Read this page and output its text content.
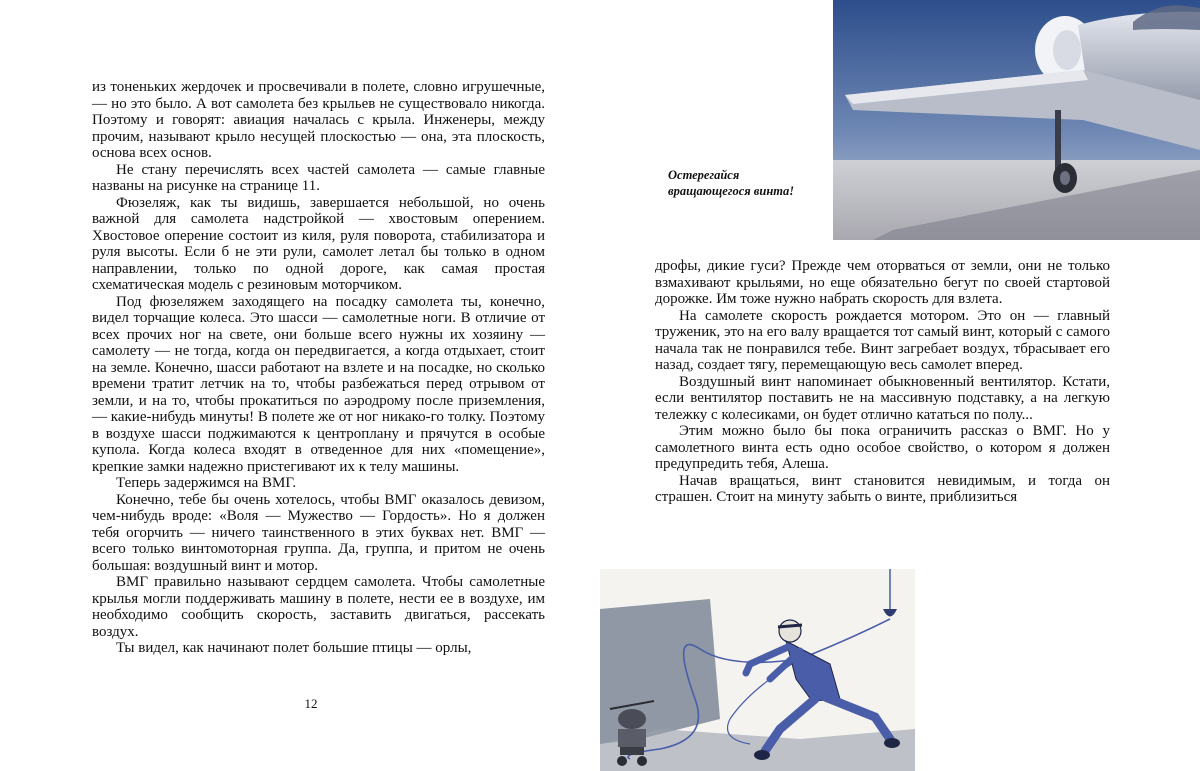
из тоненьких жердочек и просвечивали в полете, словно игрушечные, — но это было. А вот самолета без крыльев не существовало никогда. Поэтому и говорят: авиация началась с крыла. Инженеры, между прочим, называют крыло несущей плоскостью — она, эта плоскость, основа всех основ.

Не стану перечислять всех частей самолета — самые главные названы на рисунке на странице 11.

Фюзеляж, как ты видишь, завершается небольшой, но очень важной для самолета надстройкой — хвостовым оперением. Хвостовое оперение состоит из киля, руля поворота, стабилизатора и руля высоты. Если б не эти рули, самолет летал бы только в одном направлении, только по одной дороге, как самая простая схематическая модель с резиновым моторчиком.

Под фюзеляжем заходящего на посадку самолета ты, конечно, видел торчащие колеса. Это шасси — самолетные ноги. В отличие от всех прочих ног на свете, они больше всего нужны их хозяину — самолету — не тогда, когда он передвигается, а когда отдыхает, стоит на земле. Конечно, шасси работают на взлете и на посадке, но сколько времени тратит летчик на то, чтобы разбежаться перед отрывом от земли, и на то, чтобы прокатиться по аэродрому после приземления, — какие-нибудь минуты! В полете же от ног никако-го толку. Поэтому в воздухе шасси поджимаются к центроплану и прячутся в особые купола. Когда колеса входят в отведенное для них «помещение», крепкие замки надежно пристегивают их к телу машины.

Теперь задержимся на ВМГ.

Конечно, тебе бы очень хотелось, чтобы ВМГ оказалось девизом, чем-нибудь вроде: «Воля — Мужество — Гордость». Но я должен тебя огорчить — ничего таинственного в этих буквах нет. ВМГ — всего только винтомоторная группа. Да, группа, и притом не очень большая: воздушный винт и мотор.

ВМГ правильно называют сердцем самолета. Чтобы самолетные крылья могли поддерживать машину в полете, нести ее в воздухе, им необходимо сообщить скорость, заставить двигаться, рассекать воздух.

Ты видел, как начинают полет большие птицы — орлы,

12
Остерегайся вращающегося винта!

дрофы, дикие гуси? Прежде чем оторваться от земли, они не только взмахивают крыльями, но еще обязательно бегут по своей стартовой дорожке. Им тоже нужно набрать скорость для взлета.

На самолете скорость рождается мотором. Это он — главный труженик, это на его валу вращается тот самый винт, который с самого начала так не понравился тебе. Винт загребает воздух, тбрасывает его назад, создает тягу, перемещающую весь самолет вперед.

Воздушный винт напоминает обыкновенный вентилятор. Кстати, если вентилятор поставить не на массивную подставку, а на легкую тележку с колесиками, он будет отлично кататься по полу...

Этим можно было бы пока ограничить рассказ о ВМГ. Но у самолетного винта есть одно особое свойство, о котором я должен предупредить тебя, Алеша.

Начав вращаться, винт становится невидимым, и тогда он страшен. Стоит на минуту забыть о винте, приблизиться
